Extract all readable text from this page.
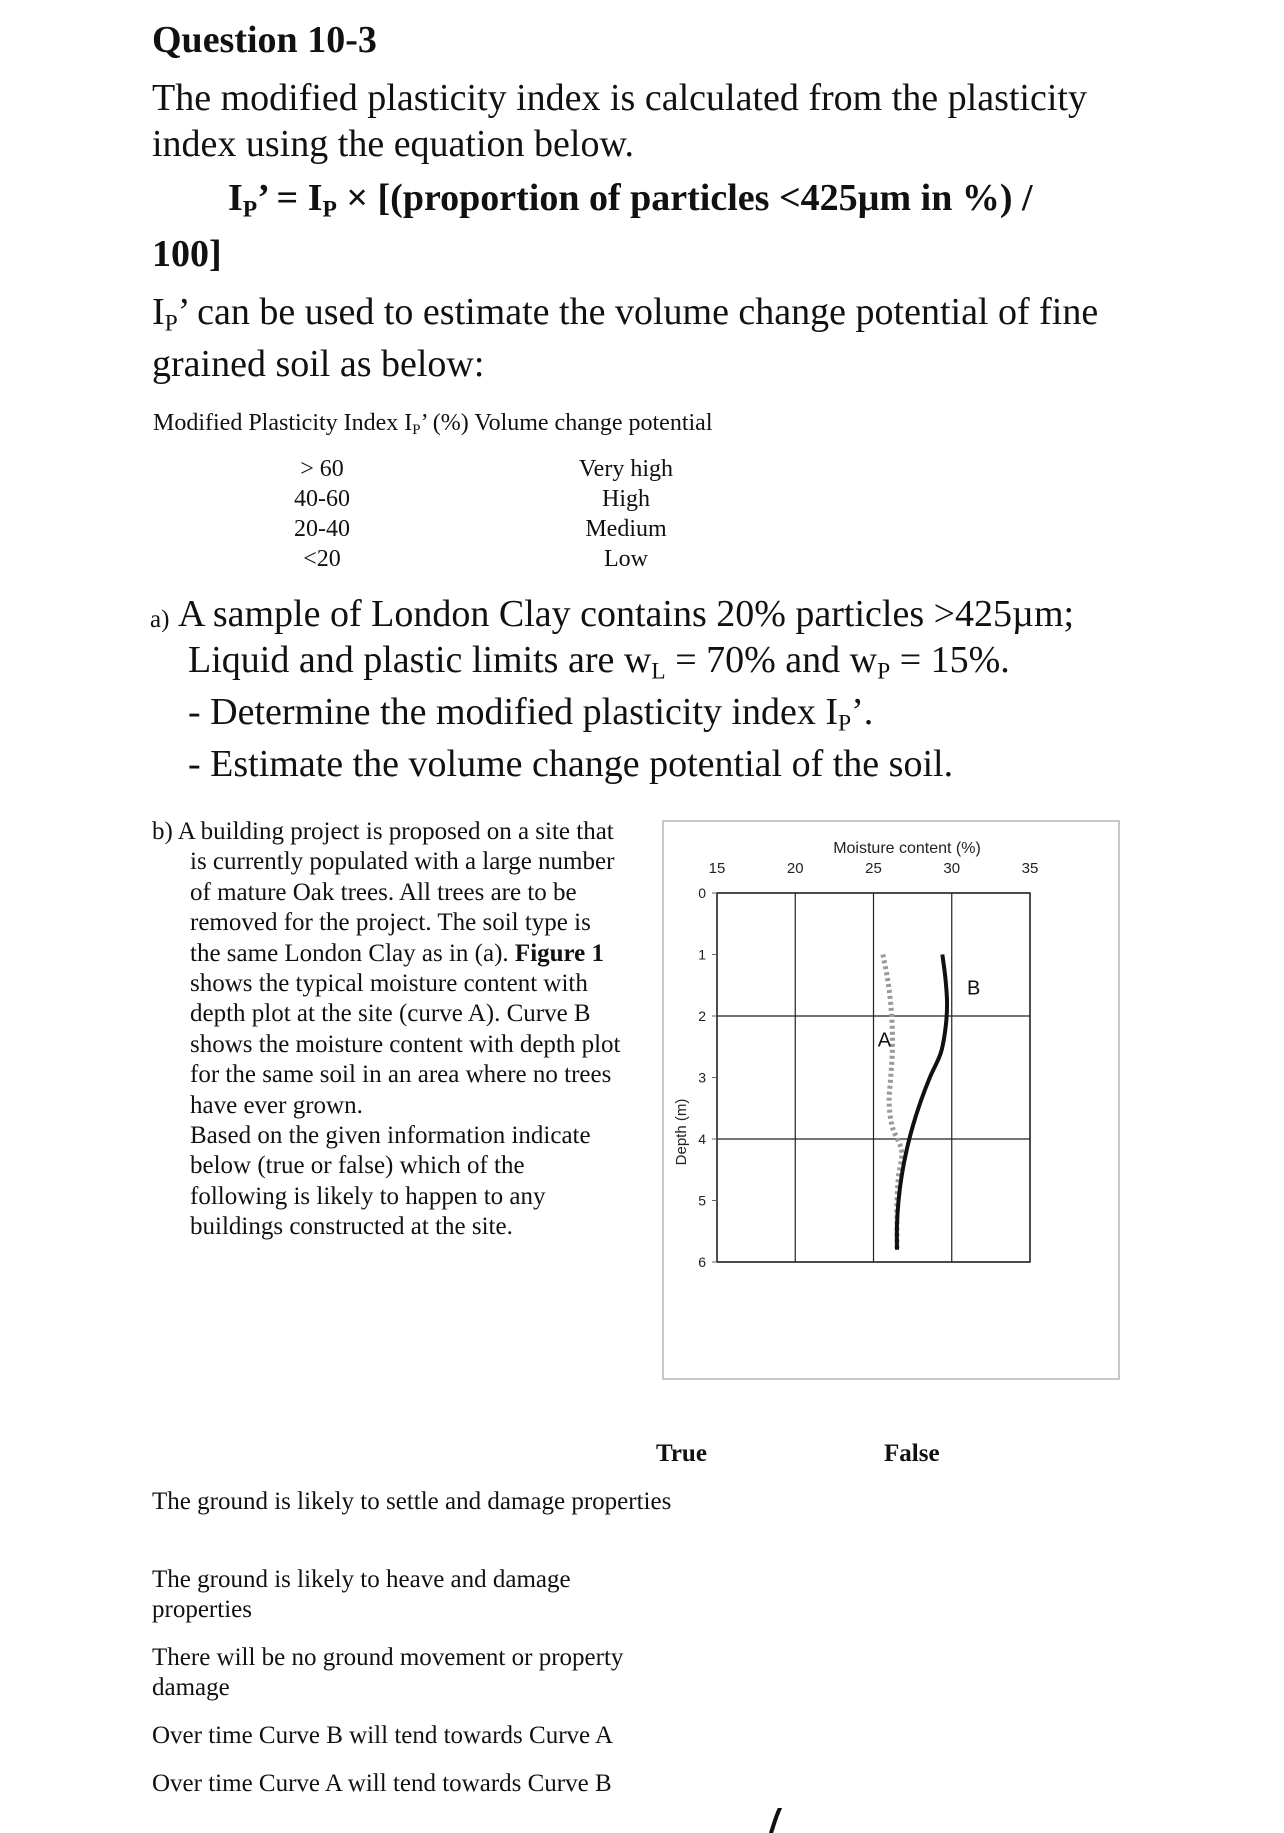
Question 10-3
The modified plasticity index is calculated from the plasticity
index using the equation below.
$I_P$’ = $I_P$ × [(proportion of particles <425µm in %) /
100]
$I_P$’ can be used to estimate the volume change potential of fine
grained soil as below:
Modified Plasticity Index $I_P$’ (%) Volume change potential
> 60	Very high
40-60	High
20-40	Medium
<20	Low
a) A sample of London Clay contains 20% particles >425µm;
Liquid and plastic limits are $w_L = 70\%$ and $w_P = 15\%$.
- Determine the modified plasticity index $I_P$’.
- Estimate the volume change potential of the soil.
b) A building project is proposed on a site that
is currently populated with a large number
of mature Oak trees. All trees are to be
removed for the project. The soil type is
the same London Clay as in (a). Figure 1
shows the typical moisture content with
depth plot at the site (curve A). Curve B
shows the moisture content with depth plot
for the same soil in an area where no trees
have ever grown.
Based on the given information indicate
below (true or false) which of the
following is likely to happen to any
buildings constructed at the site.
Moisture content (%)
Depth (m)
15	20	25	30	35
0
1
2
3
4
5
6
A
B
True	False
The ground is likely to settle and damage properties
The ground is likely to heave and damage properties
There will be no ground movement or property damage
Over time Curve B will tend towards Curve A
Over time Curve A will tend towards Curve B
